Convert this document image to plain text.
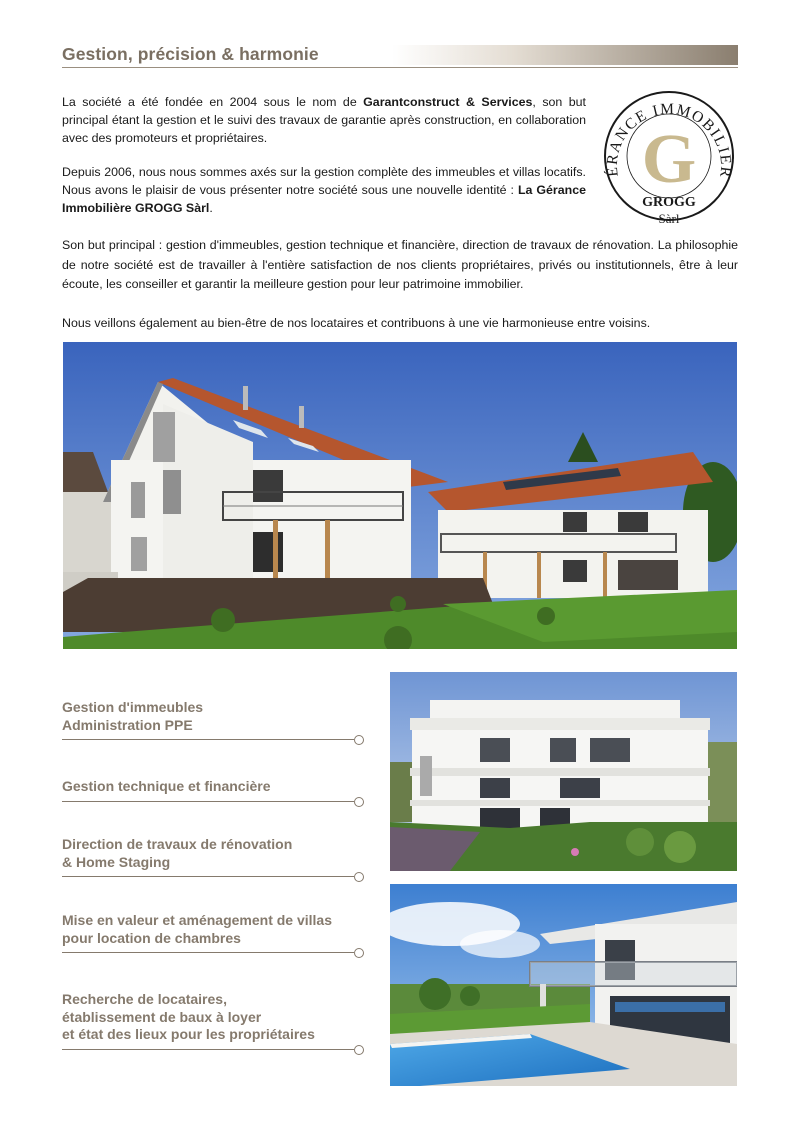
Gestion, précision & harmonie

La société a été fondée en 2004 sous le nom de Garantconstruct & Services, son but principal étant la gestion et le suivi des travaux de garantie après construction, en collaboration avec des promoteurs et propriétaires.

Depuis 2006, nous nous sommes axés sur la gestion complète des immeubles et villas locatifs. Nous avons le plaisir de vous présenter notre société sous une nouvelle identité : La Gérance Immobilière GROGG Sàrl.

ÉRANCE IMMOBILIÈR
G
GROGG
Sàrl

Son but principal : gestion d'immeubles, gestion technique et financière, direction de travaux de rénovation. La philosophie de notre société est de travailler à l'entière satisfaction de nos clients propriétaires, privés ou institutionnels, être à leur écoute, les conseiller et garantir la meilleure gestion pour leur patrimoine immobilier.

Nous veillons également au bien-être de nos locataires et contribuons à une vie harmonieuse entre voisins.

Gestion d'immeubles
Administration PPE
Gestion technique et financière
Direction de travaux de rénovation
& Home Staging
Mise en valeur et aménagement de villas
pour location de chambres
Recherche de locataires,
établissement de baux à loyer
et état des lieux pour les propriétaires
